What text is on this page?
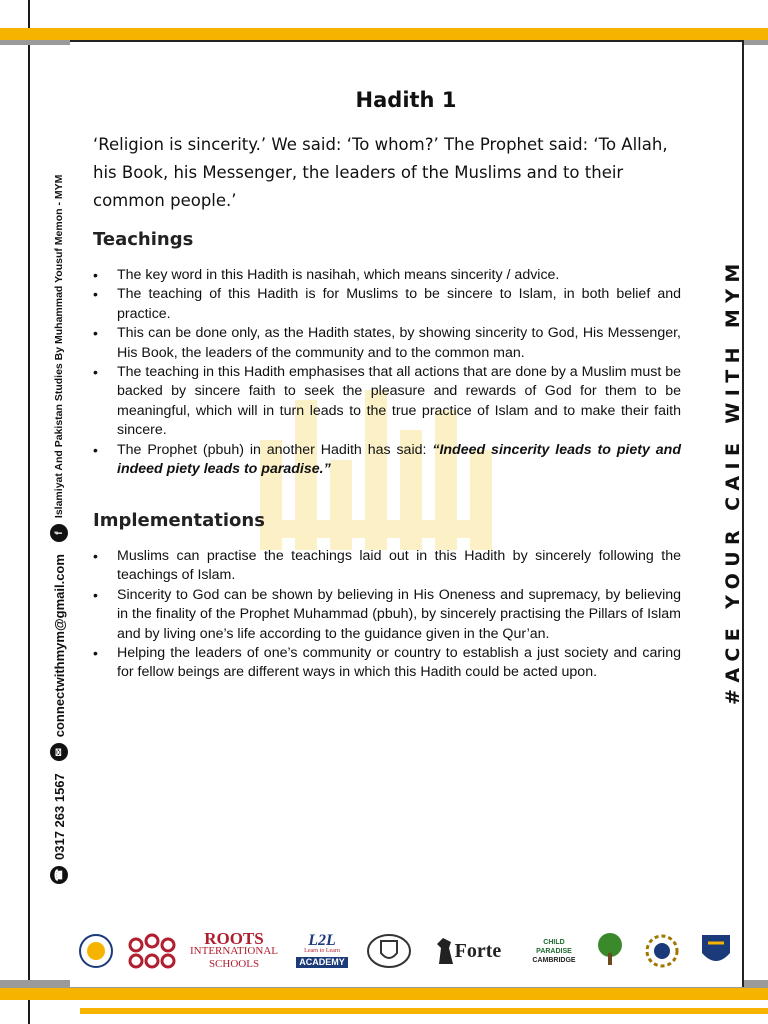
Hadith 1

‘Religion is sincerity.’ We said: ‘To whom?’ The Prophet said: ‘To Allah, his Book, his Messenger, the leaders of the Muslims and to their common people.’

Teachings
• The key word in this Hadith is nasihah, which means sincerity / advice.
• The teaching of this Hadith is for Muslims to be sincere to Islam, in both belief and practice.
• This can be done only, as the Hadith states, by showing sincerity to God, His Messenger, His Book, the leaders of the community and to the common man.
• The teaching in this Hadith emphasises that all actions that are done by a Muslim must be backed by sincere faith to seek the pleasure and rewards of God for them to be meaningful, which will in turn leads to the true practice of Islam and to make their faith sincere.
• The Prophet (pbuh) in another Hadith has said: “Indeed sincerity leads to piety and indeed piety leads to paradise.”
Implementations
• Muslims can practise the teachings laid out in this Hadith by sincerely following the teachings of Islam.
• Sincerity to God can be shown by believing in His Oneness and supremacy, by believing in the finality of the Prophet Muhammad (pbuh), by sincerely practising the Pillars of Islam and by living one’s life according to the guidance given in the Qur’an.
• Helping the leaders of one’s community or country to establish a just society and caring for fellow beings are different ways in which this Hadith could be acted upon.
☎
0317 263 1567
✉
connectwithmym@gmail.com
f
Islamiyat And Pakistan Studies By Muhammad Yousuf Memon - MYM	#ACE YOUR CAIE WITH MYM
ROOTS
INTERNATIONAL
SCHOOLS
L2L
Learn to Learn
ACADEMY	Forte	CHILD
PARADISE
CAMBRIDGE
